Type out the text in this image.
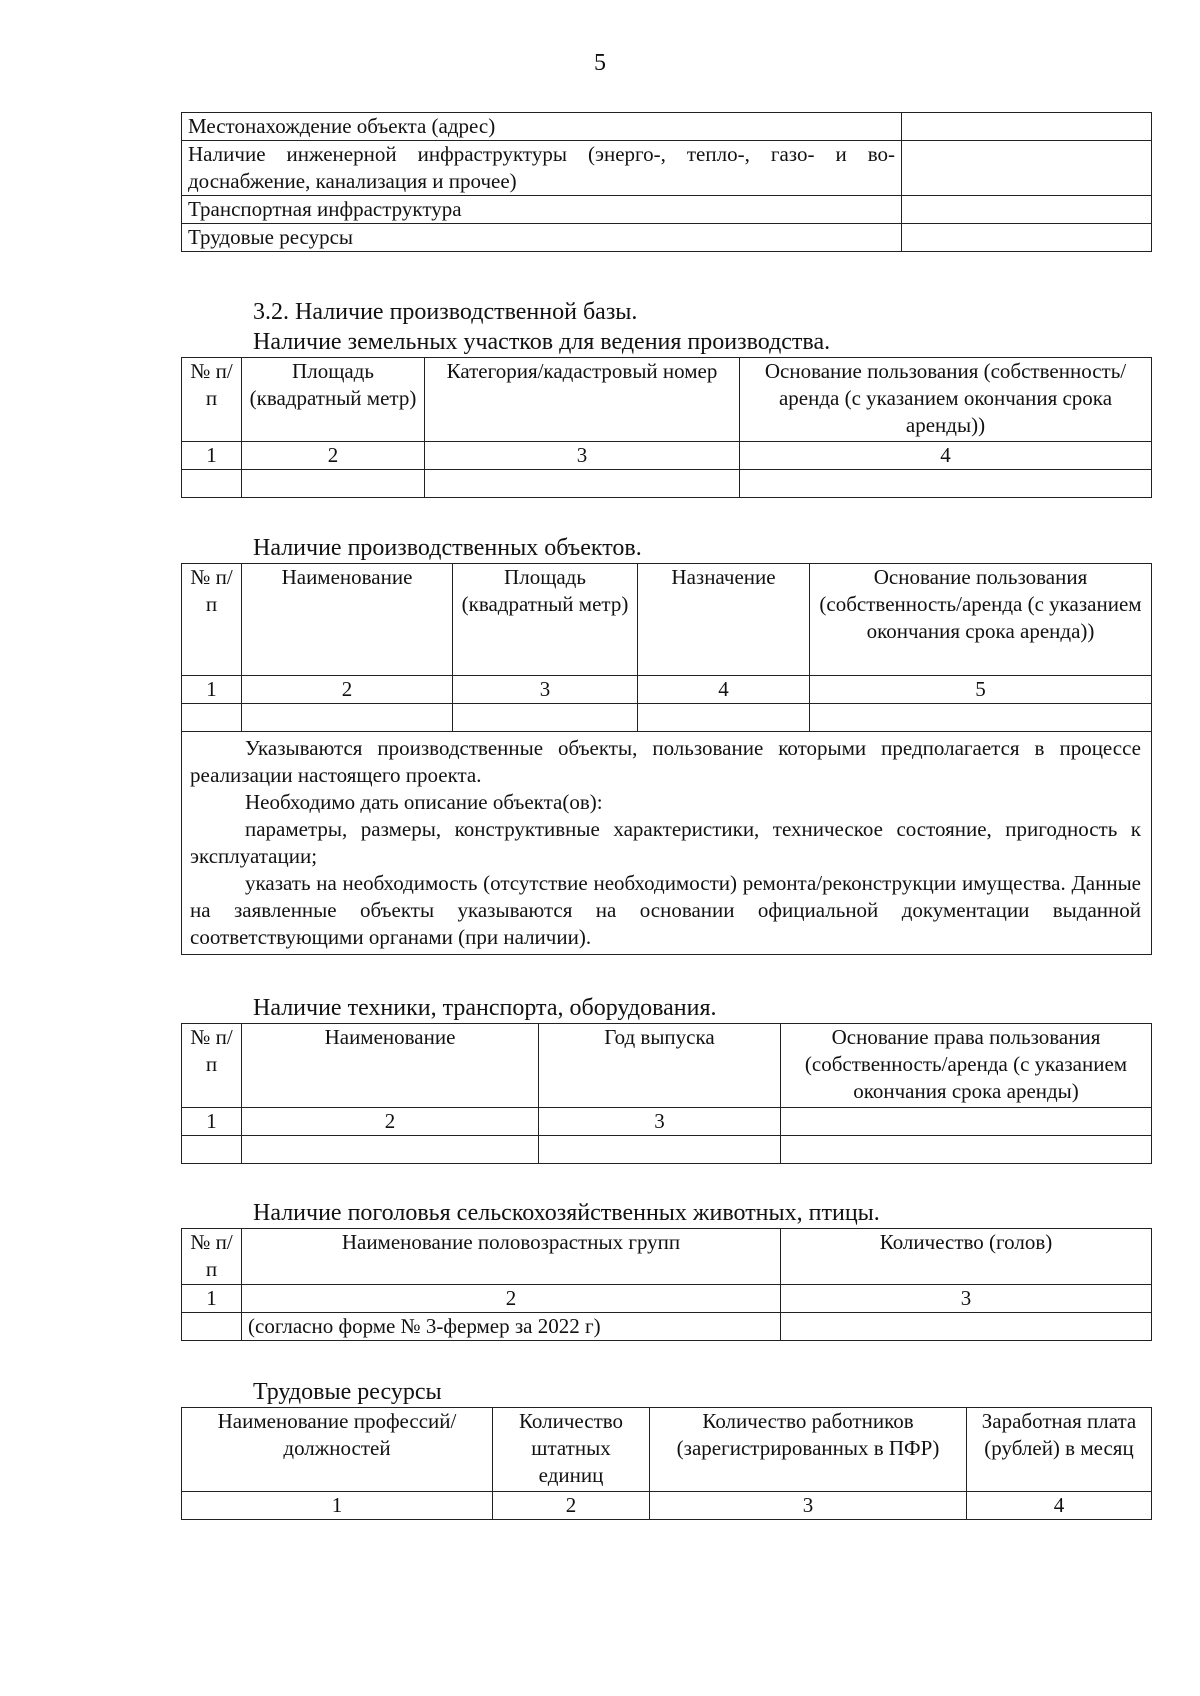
5
Местонахождение объекта (адрес)	
Наличие инженерной инфраструктуры (энерго-, тепло-, газо- и во-доснабжение, канализация и прочее)	
Транспортная инфраструктура	
Трудовые ресурсы	
3.2. Наличие производственной базы.
Наличие земельных участков для ведения производства.
№ п/п	Площадь (квадратный метр)	Категория/кадастровый номер	Основание пользования (собственность/аренда (с указанием окончания срока аренды))
1	2	3	4

Наличие производственных объектов.
№ п/п	Наименование	Площадь (квадратный метр)	Назначение	Основание пользования (собственность/аренда (с указанием окончания срока аренда))
1	2	3	4	5

Указываются производственные объекты, пользование которыми предполагается в процессе реализации настоящего проекта.

Необходимо дать описание объекта(ов):

параметры, размеры, конструктивные характеристики, техническое состояние, пригодность к эксплуатации;

указать на необходимость (отсутствие необходимости) ремонта/реконструкции имущества. Данные на заявленные объекты указываются на основании официальной документации выданной соответствующими органами (при наличии).				

Наличие техники, транспорта, оборудования.
№ п/п	Наименование	Год выпуска	Основание права пользования (собственность/аренда (с указанием окончания срока аренды)
1	2	3	

Наличие поголовья сельскохозяйственных животных, птицы.
№ п/п	Наименование половозрастных групп	Количество (голов)
1	2	3
	(согласно форме № 3-фермер за 2022 г)	
Трудовые ресурсы
Наименование профессий/должностей	Количество штатных единиц	Количество работников (зарегистрированных в ПФР)	Заработная плата (рублей) в месяц
1	2	3	4
